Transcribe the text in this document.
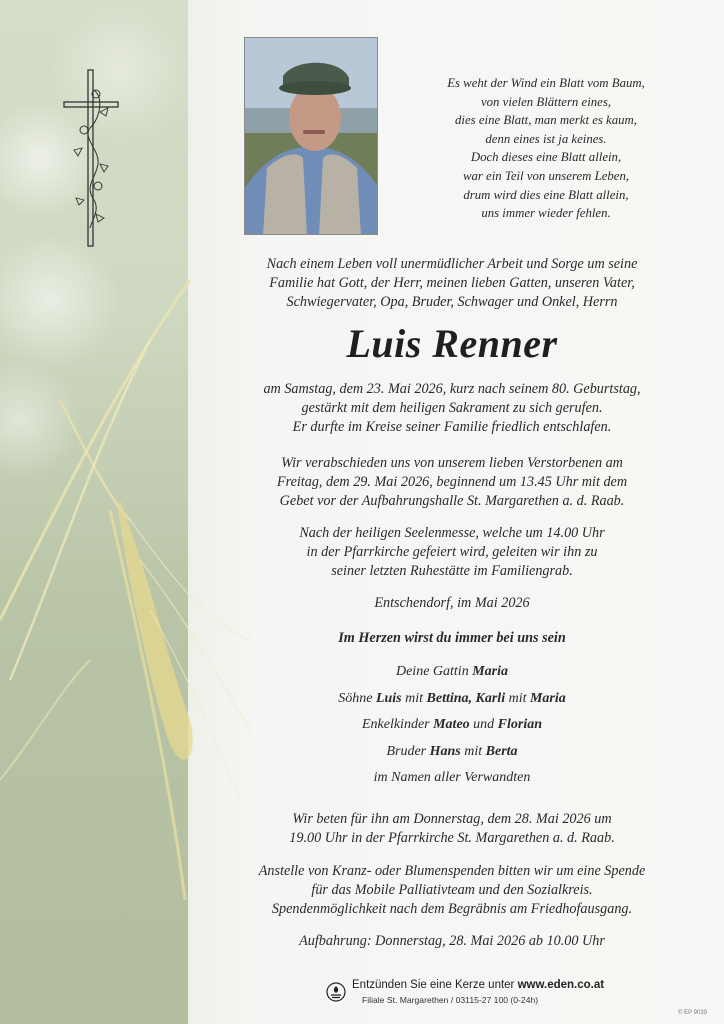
Es weht der Wind ein Blatt vom Baum,
von vielen Blättern eines,
dies eine Blatt, man merkt es kaum,
denn eines ist ja keines.
Doch dieses eine Blatt allein,
war ein Teil von unserem Leben,
drum wird dies eine Blatt allein,
uns immer wieder fehlen.
Nach einem Leben voll unermüdlicher Arbeit und Sorge um seine
Familie hat Gott, der Herr, meinen lieben Gatten, unseren Vater,
Schwiegervater, Opa, Bruder, Schwager und Onkel, Herrn
Luis Renner
am Samstag, dem 23. Mai 2026, kurz nach seinem 80. Geburtstag,
gestärkt mit dem heiligen Sakrament zu sich gerufen.
Er durfte im Kreise seiner Familie friedlich entschlafen.
Wir verabschieden uns von unserem lieben Verstorbenen am
Freitag, dem 29. Mai 2026, beginnend um 13.45 Uhr mit dem
Gebet vor der Aufbahrungshalle St. Margarethen a. d. Raab.
Nach der heiligen Seelenmesse, welche um 14.00 Uhr
in der Pfarrkirche gefeiert wird, geleiten wir ihn zu
seiner letzten Ruhestätte im Familiengrab.
Entschendorf, im Mai 2026
Im Herzen wirst du immer bei uns sein
Deine Gattin Maria
Söhne Luis mit Bettina, Karli mit Maria
Enkelkinder Mateo und Florian
Bruder Hans mit Berta
im Namen aller Verwandten
Wir beten für ihn am Donnerstag, dem 28. Mai 2026 um
19.00 Uhr in der Pfarrkirche St. Margarethen a. d. Raab.
Anstelle von Kranz- oder Blumenspenden bitten wir um eine Spende
für das Mobile Palliativteam und den Sozialkreis.
Spendenmöglichkeit nach dem Begräbnis am Friedhofausgang.
Aufbahrung: Donnerstag, 28. Mai 2026 ab 10.00 Uhr
Entzünden Sie eine Kerze unter www.eden.co.at
Filiale St. Margarethen / 03115-27 100 (0-24h)
© EP 9039
